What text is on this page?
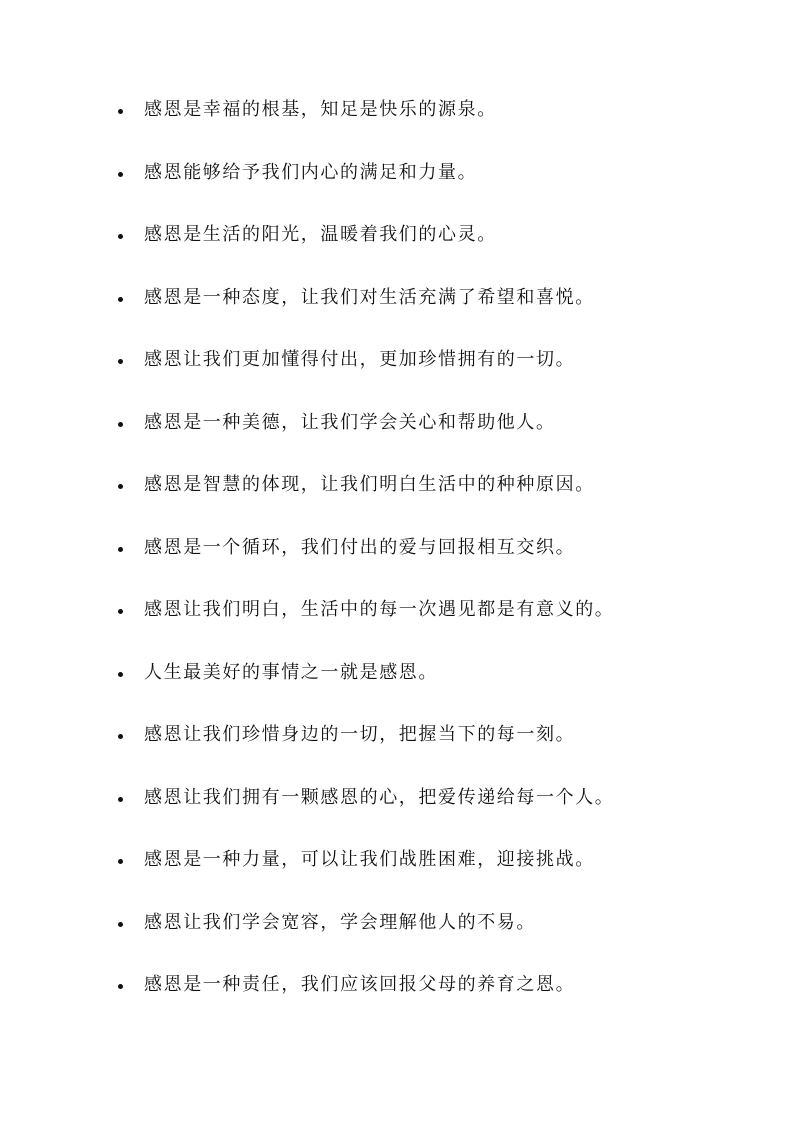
感恩是幸福的根基，知足是快乐的源泉。
感恩能够给予我们内心的满足和力量。
感恩是生活的阳光，温暖着我们的心灵。
感恩是一种态度，让我们对生活充满了希望和喜悦。
感恩让我们更加懂得付出，更加珍惜拥有的一切。
感恩是一种美德，让我们学会关心和帮助他人。
感恩是智慧的体现，让我们明白生活中的种种原因。
感恩是一个循环，我们付出的爱与回报相互交织。
感恩让我们明白，生活中的每一次遇见都是有意义的。
人生最美好的事情之一就是感恩。
感恩让我们珍惜身边的一切，把握当下的每一刻。
感恩让我们拥有一颗感恩的心，把爱传递给每一个人。
感恩是一种力量，可以让我们战胜困难，迎接挑战。
感恩让我们学会宽容，学会理解他人的不易。
感恩是一种责任，我们应该回报父母的养育之恩。
